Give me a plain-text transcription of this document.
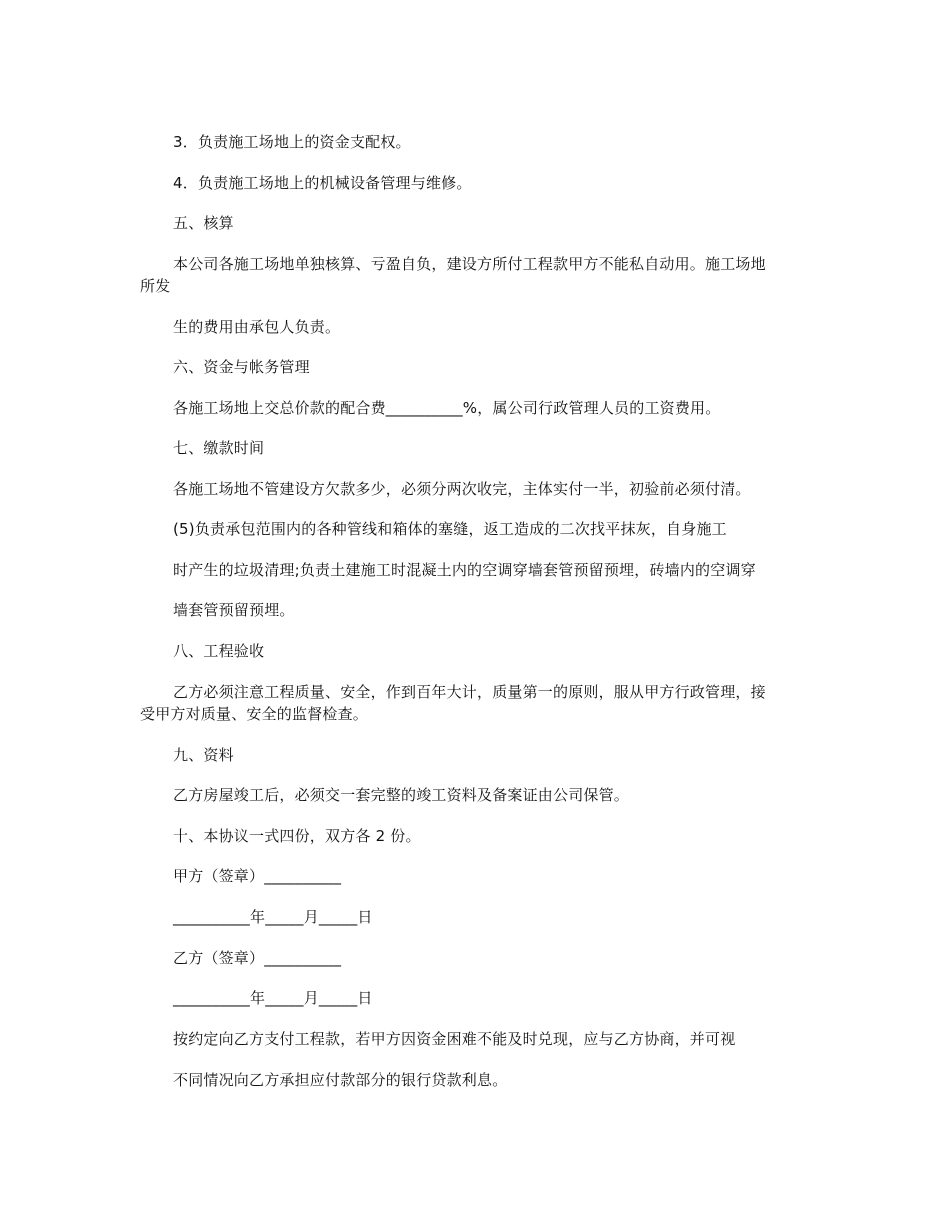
3．负责施工场地上的资金支配权。
4．负责施工场地上的机械设备管理与维修。
五、核算
本公司各施工场地单独核算、亏盈自负，建设方所付工程款甲方不能私自动用。施工场地
所发
生的费用由承包人负责。
六、资金与帐务管理
各施工场地上交总价款的配合费__________%，属公司行政管理人员的工资费用。
七、缴款时间
各施工场地不管建设方欠款多少，必须分两次收完，主体实付一半，初验前必须付清。
(5)负责承包范围内的各种管线和箱体的塞缝，返工造成的二次找平抹灰，自身施工
时产生的垃圾清理;负责土建施工时混凝土内的空调穿墙套管预留预埋，砖墙内的空调穿
墙套管预留预埋。
八、工程验收
乙方必须注意工程质量、安全，作到百年大计，质量第一的原则，服从甲方行政管理，接
受甲方对质量、安全的监督检查。
九、资料
乙方房屋竣工后，必须交一套完整的竣工资料及备案证由公司保管。
十、本协议一式四份，双方各 2 份。
甲方（签章）__________
__________年_____月_____日
乙方（签章）__________
__________年_____月_____日
按约定向乙方支付工程款，若甲方因资金困难不能及时兑现，应与乙方协商，并可视
不同情况向乙方承担应付款部分的银行贷款利息。
